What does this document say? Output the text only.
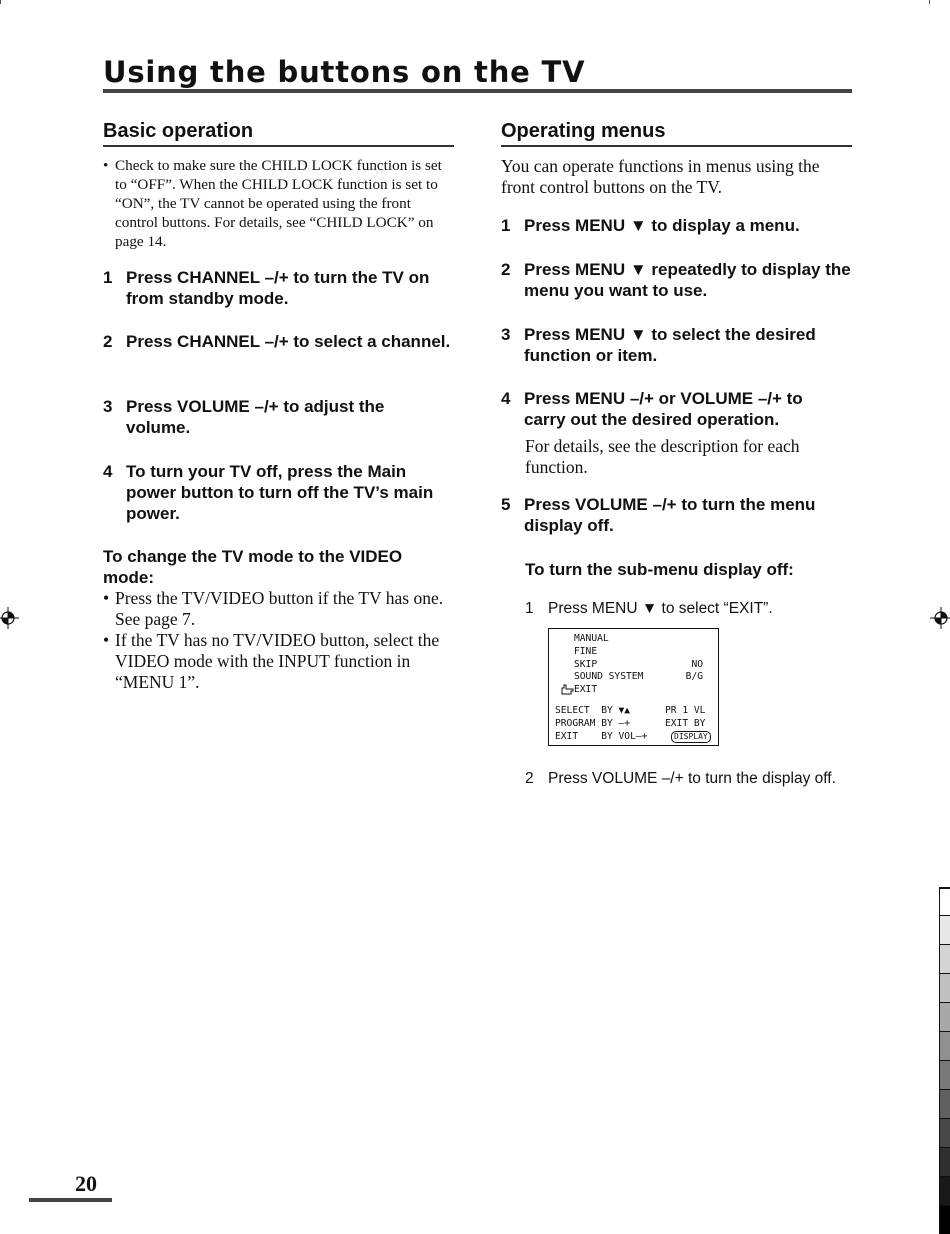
Using the buttons on the TV
Basic operation
• Check to make sure the CHILD LOCK function is set to “OFF”. When the CHILD LOCK function is set to “ON”, the TV cannot be operated using the front control buttons. For details, see “CHILD LOCK” on page 14.
1 Press CHANNEL –/+ to turn the TV on from standby mode.
2 Press CHANNEL –/+ to select a channel.
3 Press VOLUME –/+ to adjust the volume.
4 To turn your TV off, press the Main power button to turn off the TV’s main power.
To change the TV mode to the VIDEO mode:
• Press the TV/VIDEO button if the TV has one. See page 7.
• If the TV has no TV/VIDEO button, select the VIDEO mode with the INPUT function in “MENU 1”.
Operating menus

You can operate functions in menus using the front control buttons on the TV.

1 Press MENU ▼ to display a menu.
2 Press MENU ▼ repeatedly to display the menu you want to use.
3 Press MENU ▼ to select the desired function or item.
4 Press MENU –/+ or VOLUME –/+ to carry out the desired operation.

For details, see the description for each function.

5 Press VOLUME –/+ to turn the menu display off.
To turn the sub-menu display off:
1 Press MENU ▼ to select “EXIT”.
MANUAL
FINE
SKIP	NO
SOUND SYSTEM	B/G
EXIT
SELECT  BY ▼▲	PR 1 VL
PROGRAM BY –+	EXIT BY
EXIT    BY VOL–+	DISPLAY
2 Press VOLUME –/+ to turn the display off.
20
